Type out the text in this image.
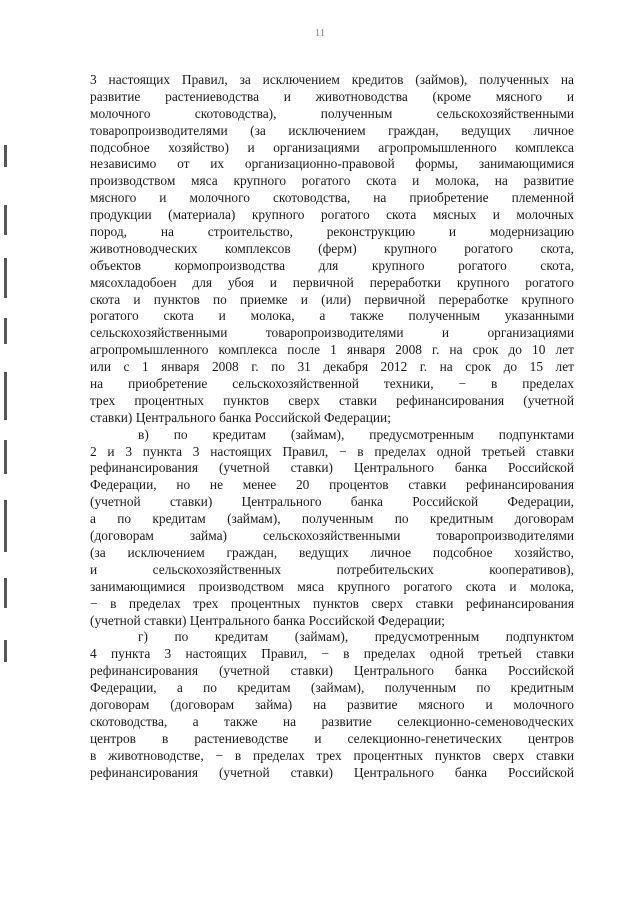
11
3 настоящих Правил, за исключением кредитов (займов), полученных на
развитие растениеводства и животноводства (кроме мясного и
молочного скотоводства), полученным сельскохозяйственными
товаропроизводителями (за исключением граждан, ведущих личное
подсобное хозяйство) и организациями агропромышленного комплекса
независимо от их организационно-правовой формы, занимающимися
производством мяса крупного рогатого скота и молока, на развитие
мясного и молочного скотоводства, на приобретение племенной
продукции (материала) крупного рогатого скота мясных и молочных
пород, на строительство, реконструкцию и модернизацию
животноводческих комплексов (ферм) крупного рогатого скота,
объектов кормопроизводства для крупного рогатого скота,
мясохладобоен для убоя и первичной переработки крупного рогатого
скота и пунктов по приемке и (или) первичной переработке крупного
рогатого скота и молока, а также полученным указанными
сельскохозяйственными товаропроизводителями и организациями
агропромышленного комплекса после 1 января 2008 г. на срок до 10 лет
или с 1 января 2008 г. по 31 декабря 2012 г. на срок до 15 лет
на приобретение сельскохозяйственной техники, − в пределах
трех процентных пунктов сверх ставки рефинансирования (учетной
ставки) Центрального банка Российской Федерации;
в) по кредитам (займам), предусмотренным подпунктами
2 и 3 пункта 3 настоящих Правил, − в пределах одной третьей ставки
рефинансирования (учетной ставки) Центрального банка Российской
Федерации, но не менее 20 процентов ставки рефинансирования
(учетной ставки) Центрального банка Российской Федерации,
а по кредитам (займам), полученным по кредитным договорам
(договорам займа) сельскохозяйственными товаропроизводителями
(за исключением граждан, ведущих личное подсобное хозяйство,
и сельскохозяйственных потребительских кооперативов),
занимающимися производством мяса крупного рогатого скота и молока,
− в пределах трех процентных пунктов сверх ставки рефинансирования
(учетной ставки) Центрального банка Российской Федерации;
г) по кредитам (займам), предусмотренным подпунктом
4 пункта 3 настоящих Правил, − в пределах одной третьей ставки
рефинансирования (учетной ставки) Центрального банка Российской
Федерации, а по кредитам (займам), полученным по кредитным
договорам (договорам займа) на развитие мясного и молочного
скотоводства, а также на развитие селекционно-семеноводческих
центров в растениеводстве и селекционно-генетических центров
в животноводстве, − в пределах трех процентных пунктов сверх ставки
рефинансирования (учетной ставки) Центрального банка Российской
